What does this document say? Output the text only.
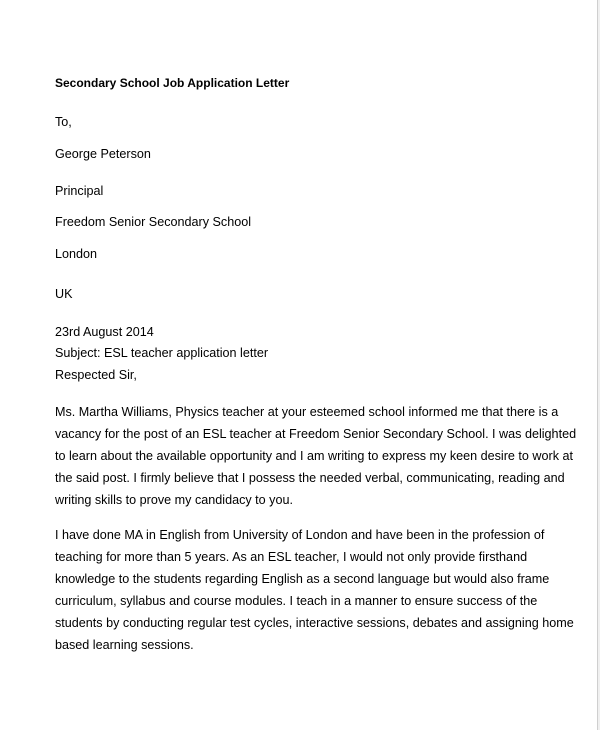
Secondary School Job Application Letter

To,

George Peterson

Principal

Freedom Senior Secondary School

London

UK

23rd August 2014

Subject: ESL teacher application letter

Respected Sir,

Ms. Martha Williams, Physics teacher at your esteemed school informed me that there is a
vacancy for the post of an ESL teacher at Freedom Senior Secondary School. I was delighted
to learn about the available opportunity and I am writing to express my keen desire to work at
the said post. I firmly believe that I possess the needed verbal, communicating, reading and
writing skills to prove my candidacy to you.
I have done MA in English from University of London and have been in the profession of
teaching for more than 5 years. As an ESL teacher, I would not only provide firsthand
knowledge to the students regarding English as a second language but would also frame
curriculum, syllabus and course modules. I teach in a manner to ensure success of the
students by conducting regular test cycles, interactive sessions, debates and assigning home
based learning sessions.
